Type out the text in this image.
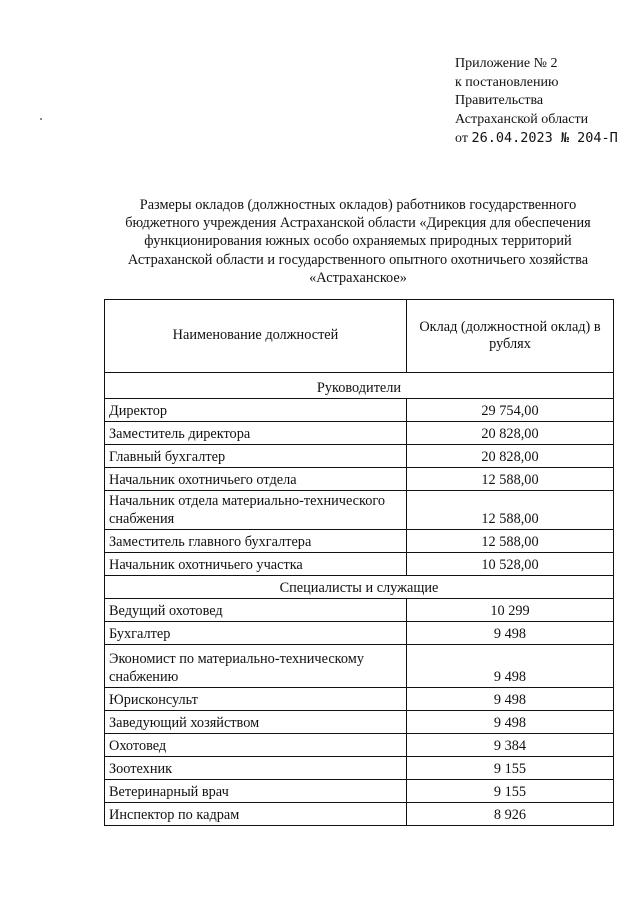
Приложение № 2
к постановлению
Правительства
Астраханской области
от 26.04.2023 № 204-П
Размеры окладов (должностных окладов) работников государственного бюджетного учреждения Астраханской области «Дирекция для обеспечения функционирования южных особо охраняемых природных территорий Астраханской области и государственного опытного охотничьего хозяйства «Астраханское»
Наименование должностей	Оклад (должностной оклад) в рублях
Руководители	
Директор	29 754,00
Заместитель директора	20 828,00
Главный бухгалтер	20 828,00
Начальник охотничьего отдела	12 588,00
Начальник отдела материально-технического снабжения	12 588,00
Заместитель главного бухгалтера	12 588,00
Начальник охотничьего участка	10 528,00
Специалисты и служащие	
Ведущий охотовед	10 299
Бухгалтер	9 498
Экономист по материально-техническому снабжению	9 498
Юрисконсульт	9 498
Заведующий хозяйством	9 498
Охотовед	9 384
Зоотехник	9 155
Ветеринарный врач	9 155
Инспектор по кадрам	8 926
